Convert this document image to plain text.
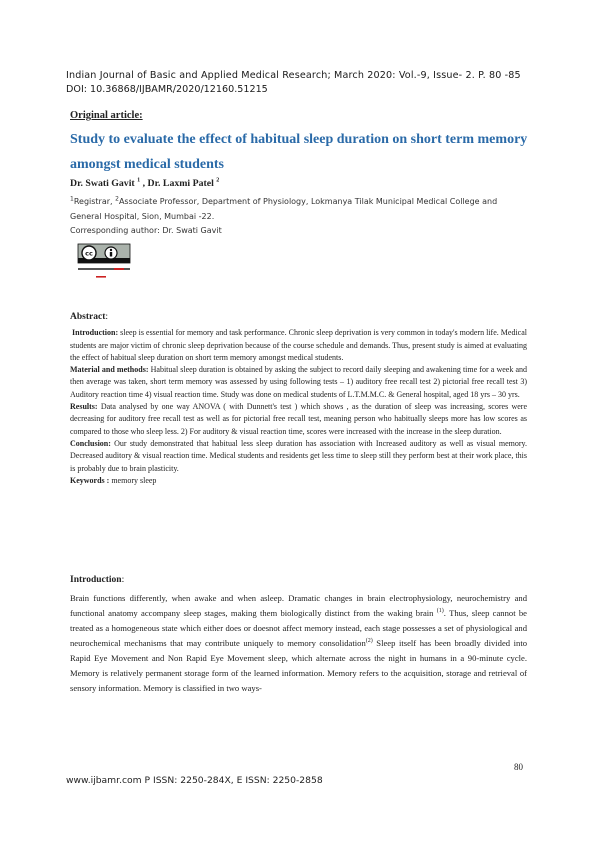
Indian Journal of Basic and Applied Medical Research; March 2020: Vol.-9, Issue- 2. P. 80 -85
DOI: 10.36868/IJBAMR/2020/12160.51215
Original article:
Study to evaluate the effect of habitual sleep duration on short term memory amongst medical students
Dr. Swati Gavit $^1$ , Dr. Laxmi Patel $^2$
$^1$Registrar, $^2$Associate Professor, Department of Physiology, Lokmanya Tilak Municipal Medical College and General Hospital, Sion, Mumbai -22.
Corresponding author: Dr. Swati Gavit
cc

Abstract:

Introduction: sleep is essential for memory and task performance. Chronic sleep deprivation is very common in today's modern life. Medical students are major victim of chronic sleep deprivation because of the course schedule and demands. Thus, present study is aimed at evaluating the effect of habitual sleep duration on short term memory amongst medical students.

Material and methods: Habitual sleep duration is obtained by asking the subject to record daily sleeping and awakening time for a week and then average was taken, short term memory was assessed by using following tests – 1) auditory free recall test 2) pictorial free recall test 3) Auditory reaction time 4) visual reaction time. Study was done on medical students of L.T.M.M.C. & General hospital, aged 18 yrs – 30 yrs.

Results: Data analysed by one way ANOVA ( with Dunnett's test ) which shows , as the duration of sleep was increasing, scores were decreasing for auditory free recall test as well as for pictorial free recall test, meaning person who habitually sleeps more has low scores as compared to those who sleep less. 2) For auditory & visual reaction time, scores were increased with the increase in the sleep duration.

Conclusion: Our study demonstrated that habitual less sleep duration has association with Increased auditory as well as visual memory. Decreased auditory & visual reaction time. Medical students and residents get less time to sleep still they perform best at their work place, this is probably due to brain plasticity.

Keywords : memory sleep

Introduction:

Brain functions differently, when awake and when asleep. Dramatic changes in brain electrophysiology, neurochemistry and functional anatomy accompany sleep stages, making them biologically distinct from the waking brain $^{(1)}$. Thus, sleep cannot be treated as a homogeneous state which either does or doesnot affect memory instead, each stage possesses a set of physiological and neurochemical mechanisms that may contribute uniquely to memory consolidation$^{(2)}$ Sleep itself has been broadly divided into Rapid Eye Movement and Non Rapid Eye Movement sleep, which alternate across the night in humans in a 90-minute cycle. Memory is relatively permanent storage form of the learned information. Memory refers to the acquisition, storage and retrieval of sensory information. Memory is classified in two ways-

80
www.ijbamr.com P ISSN: 2250-284X, E ISSN: 2250-2858
